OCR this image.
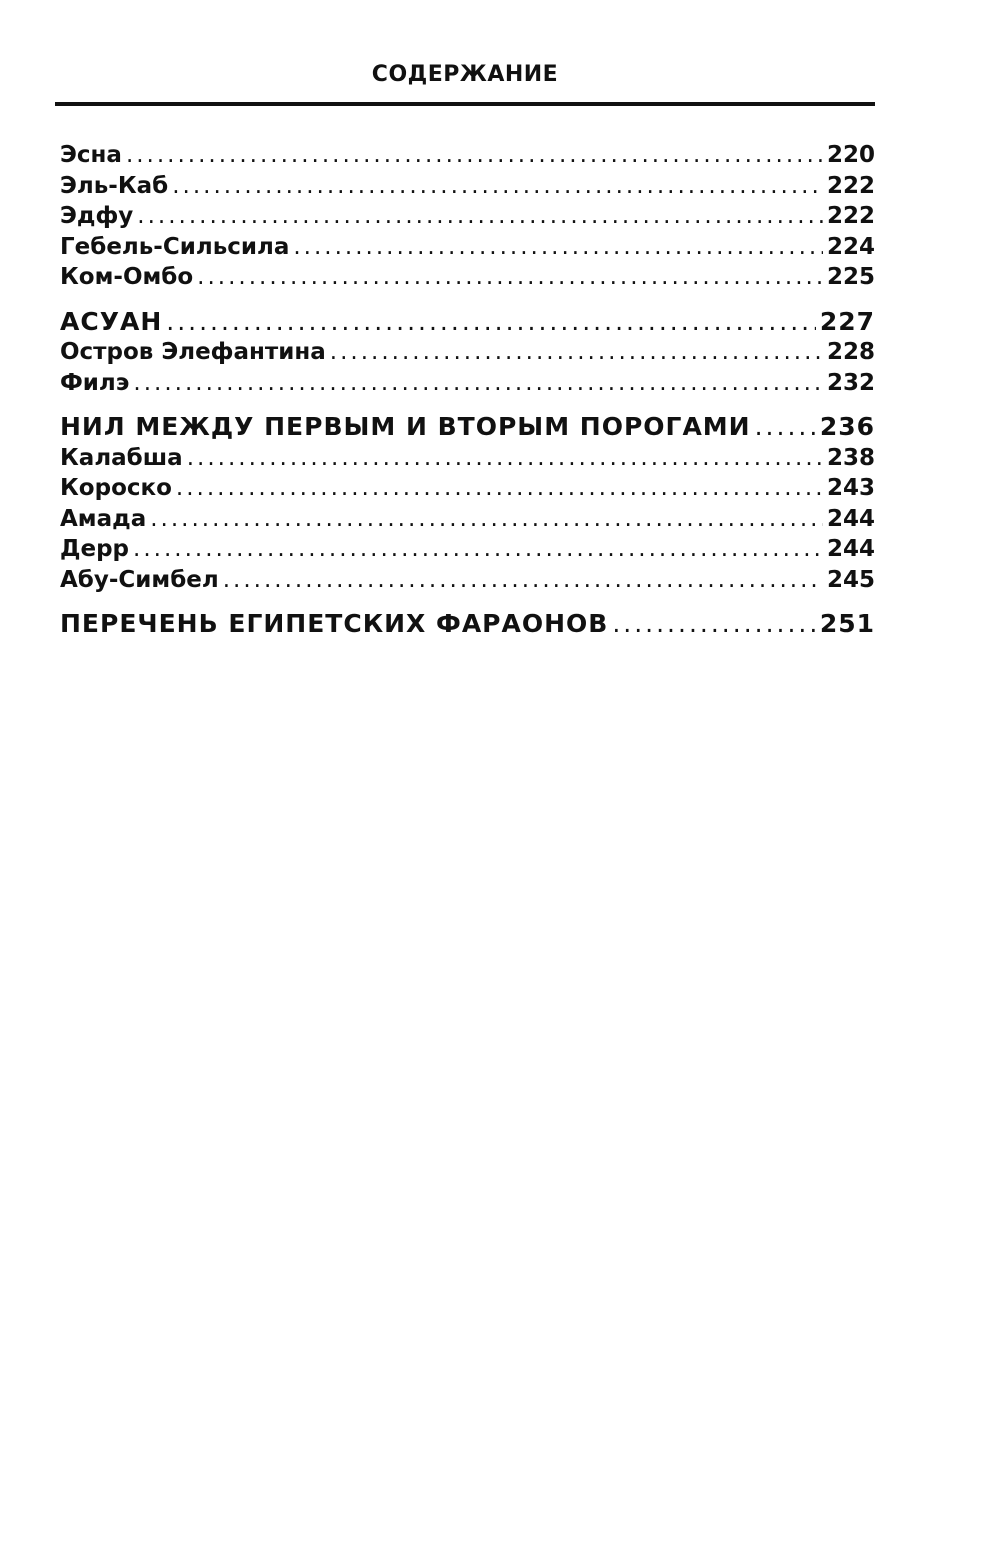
СОДЕРЖАНИЕ
Эсна .....	220
Эль-Каб .....	222
Эдфу .....	222
Гебель-Сильсила .....	224
Ком-Омбо .....	225
АСУАН .....	227
Остров Элефантина .....	228
Филэ .....	232
НИЛ МЕЖДУ ПЕРВЫМ И ВТОРЫМ ПОРОГАМИ .....	236
Калабша .....	238
Короско .....	243
Амада .....	244
Дерр .....	244
Абу-Симбел .....	245
ПЕРЕЧЕНЬ ЕГИПЕТСКИХ ФАРАОНОВ .....	251
